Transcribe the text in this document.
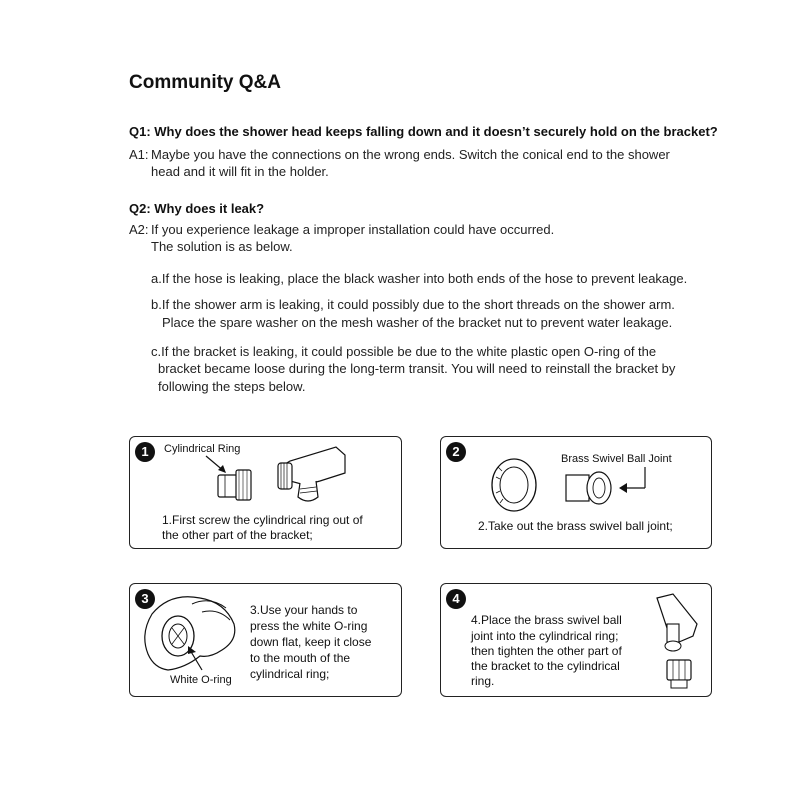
Community Q&A
Q1: Why does the shower head keeps falling down and it doesn’t securely hold on the bracket?
A1: Maybe you have the connections on the wrong ends. Switch the conical end to the shower
head and it will fit in the holder.
Q2: Why does it leak?
A2: If you experience leakage a improper installation could have occurred.
The solution is as below.
a.If the hose is leaking, place the black washer into both ends of the hose to prevent leakage.
b.If the shower arm is leaking, it could possibly due to the short threads on the shower arm.
Place the spare washer on the mesh washer of the bracket nut to prevent water leakage.
c.If the bracket is leaking, it could possible be due to the white plastic open O-ring of the
bracket became loose during the long-term transit. You will need to reinstall the bracket by
following the steps below.
1	Cylindrical Ring
1.First screw the cylindrical ring out of
the other part of the bracket;
2	Brass Swivel Ball Joint
2.Take out the brass swivel ball joint;
3
White O-ring
3.Use your hands to
press the white O-ring
down flat, keep it close
to the mouth of the
cylindrical ring;
4
4.Place the brass swivel ball
joint into the cylindrical ring;
then tighten the other part of
the bracket to the cylindrical
ring.
